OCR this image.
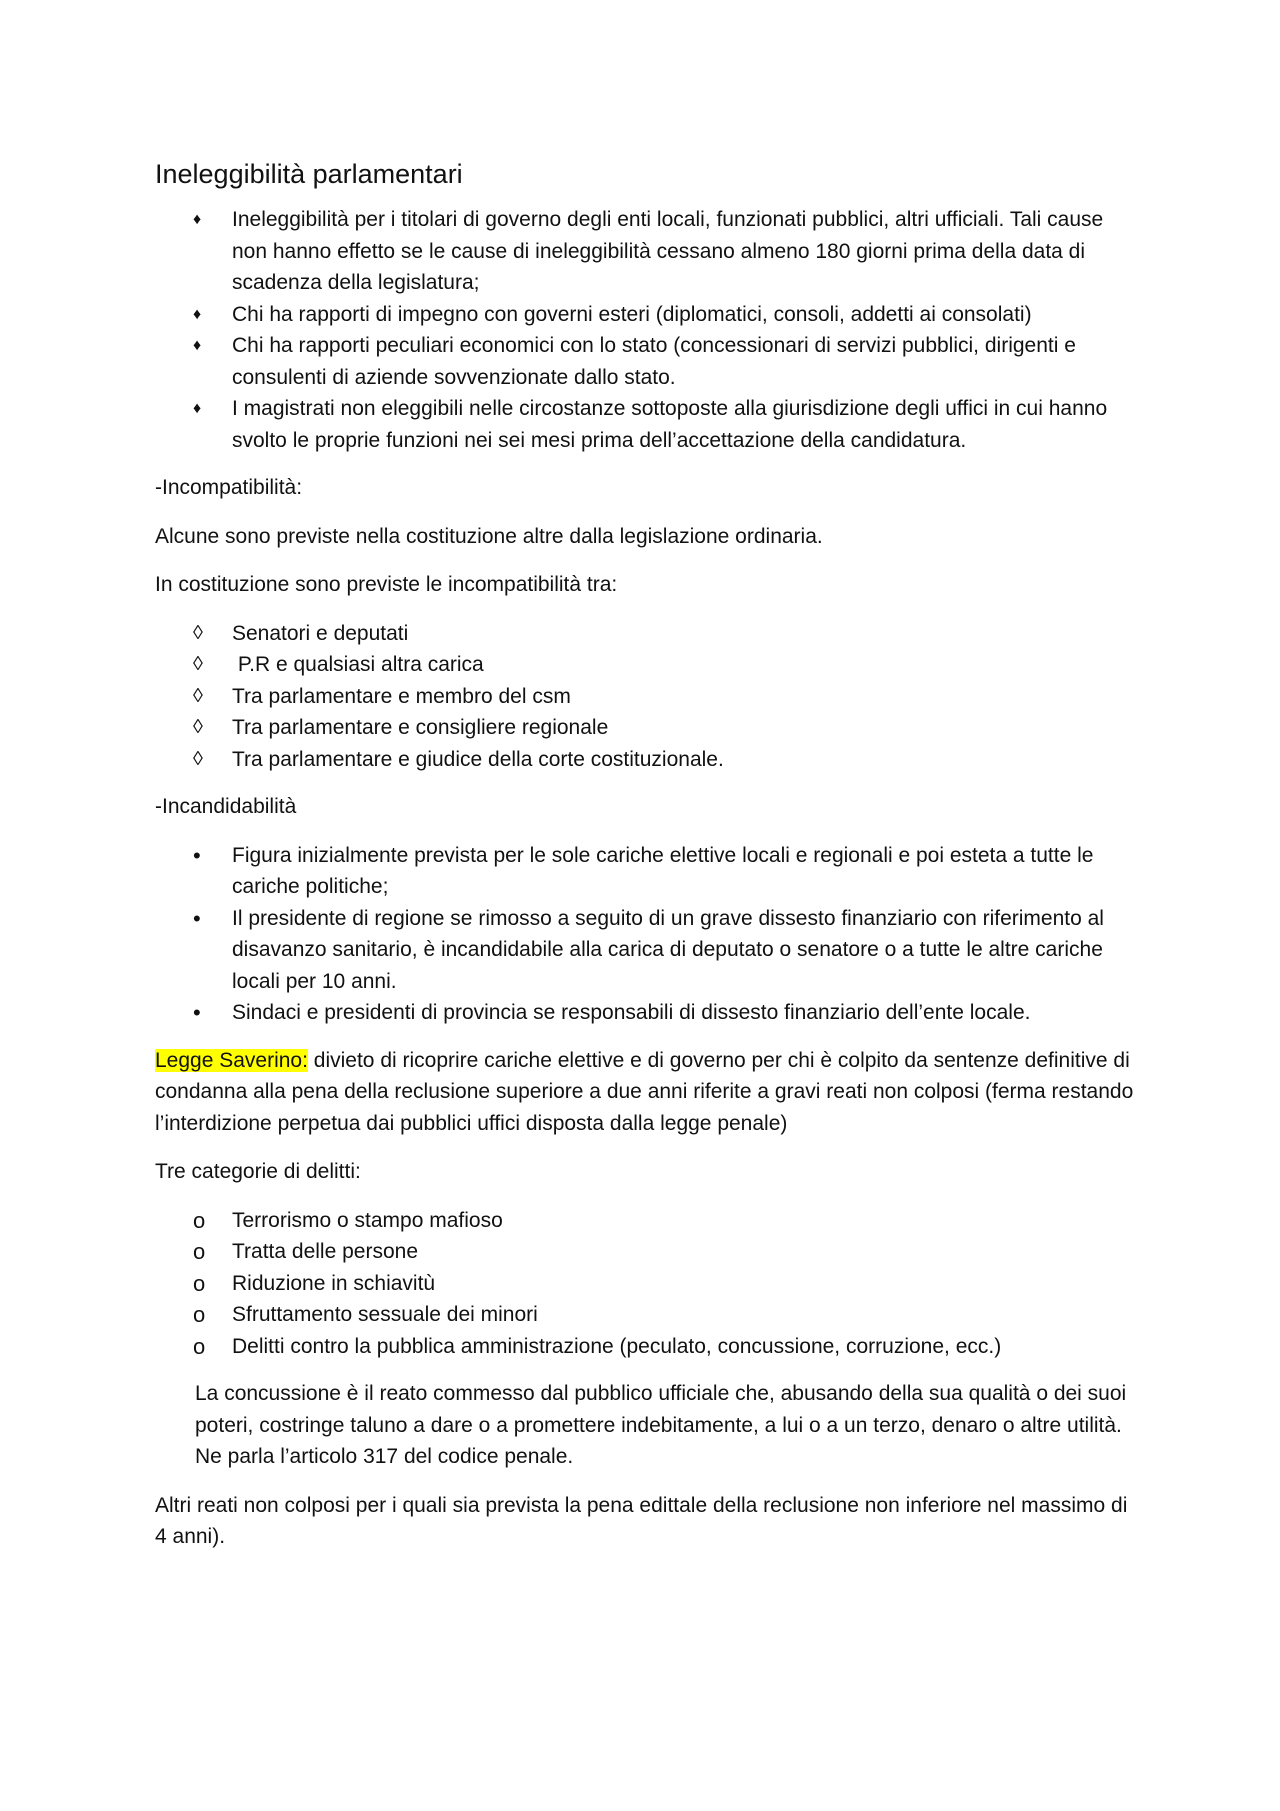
Ineleggibilità parlamentari
♦	Ineleggibilità per i titolari di governo degli enti locali, funzionati pubblici, altri ufficiali. Tali cause non hanno effetto se le cause di ineleggibilità cessano almeno 180 giorni prima della data di scadenza della legislatura;
♦	Chi ha rapporti di impegno con governi esteri (diplomatici, consoli, addetti ai consolati)
♦	Chi ha rapporti peculiari economici con lo stato (concessionari di servizi pubblici, dirigenti e consulenti di aziende sovvenzionate dallo stato.
♦	I magistrati non eleggibili nelle circostanze sottoposte alla giurisdizione degli uffici in cui hanno svolto le proprie funzioni nei sei mesi prima dell’accettazione della candidatura.

-Incompatibilità:

Alcune sono previste nella costituzione altre dalla legislazione ordinaria.

In costituzione sono previste le incompatibilità tra:

◊	Senatori e deputati
◊	P.R e qualsiasi altra carica
◊	Tra parlamentare e membro del csm
◊	Tra parlamentare e consigliere regionale
◊	Tra parlamentare e giudice della corte costituzionale.

-Incandidabilità

•	Figura inizialmente prevista per le sole cariche elettive locali e regionali e poi esteta a tutte le cariche politiche;
•	Il presidente di regione se rimosso a seguito di un grave dissesto finanziario con riferimento al disavanzo sanitario, è incandidabile alla carica di deputato o senatore o a tutte le altre cariche locali per 10 anni.
•	Sindaci e presidenti di provincia se responsabili di dissesto finanziario dell’ente locale.

Legge Saverino: divieto di ricoprire cariche elettive e di governo per chi è colpito da sentenze definitive di condanna alla pena della reclusione superiore a due anni riferite a gravi reati non colposi (ferma restando l’interdizione perpetua dai pubblici uffici disposta dalla legge penale)

Tre categorie di delitti:

o	Terrorismo o stampo mafioso
o	Tratta delle persone
o	Riduzione in schiavitù
o	Sfruttamento sessuale dei minori
o	Delitti contro la pubblica amministrazione (peculato, concussione, corruzione, ecc.)

La concussione è il reato commesso dal pubblico ufficiale che, abusando della sua qualità o dei suoi poteri, costringe taluno a dare o a promettere indebitamente, a lui o a un terzo, denaro o altre utilità. Ne parla l’articolo 317 del codice penale.

Altri reati non colposi per i quali sia prevista la pena edittale della reclusione non inferiore nel massimo di 4 anni).
